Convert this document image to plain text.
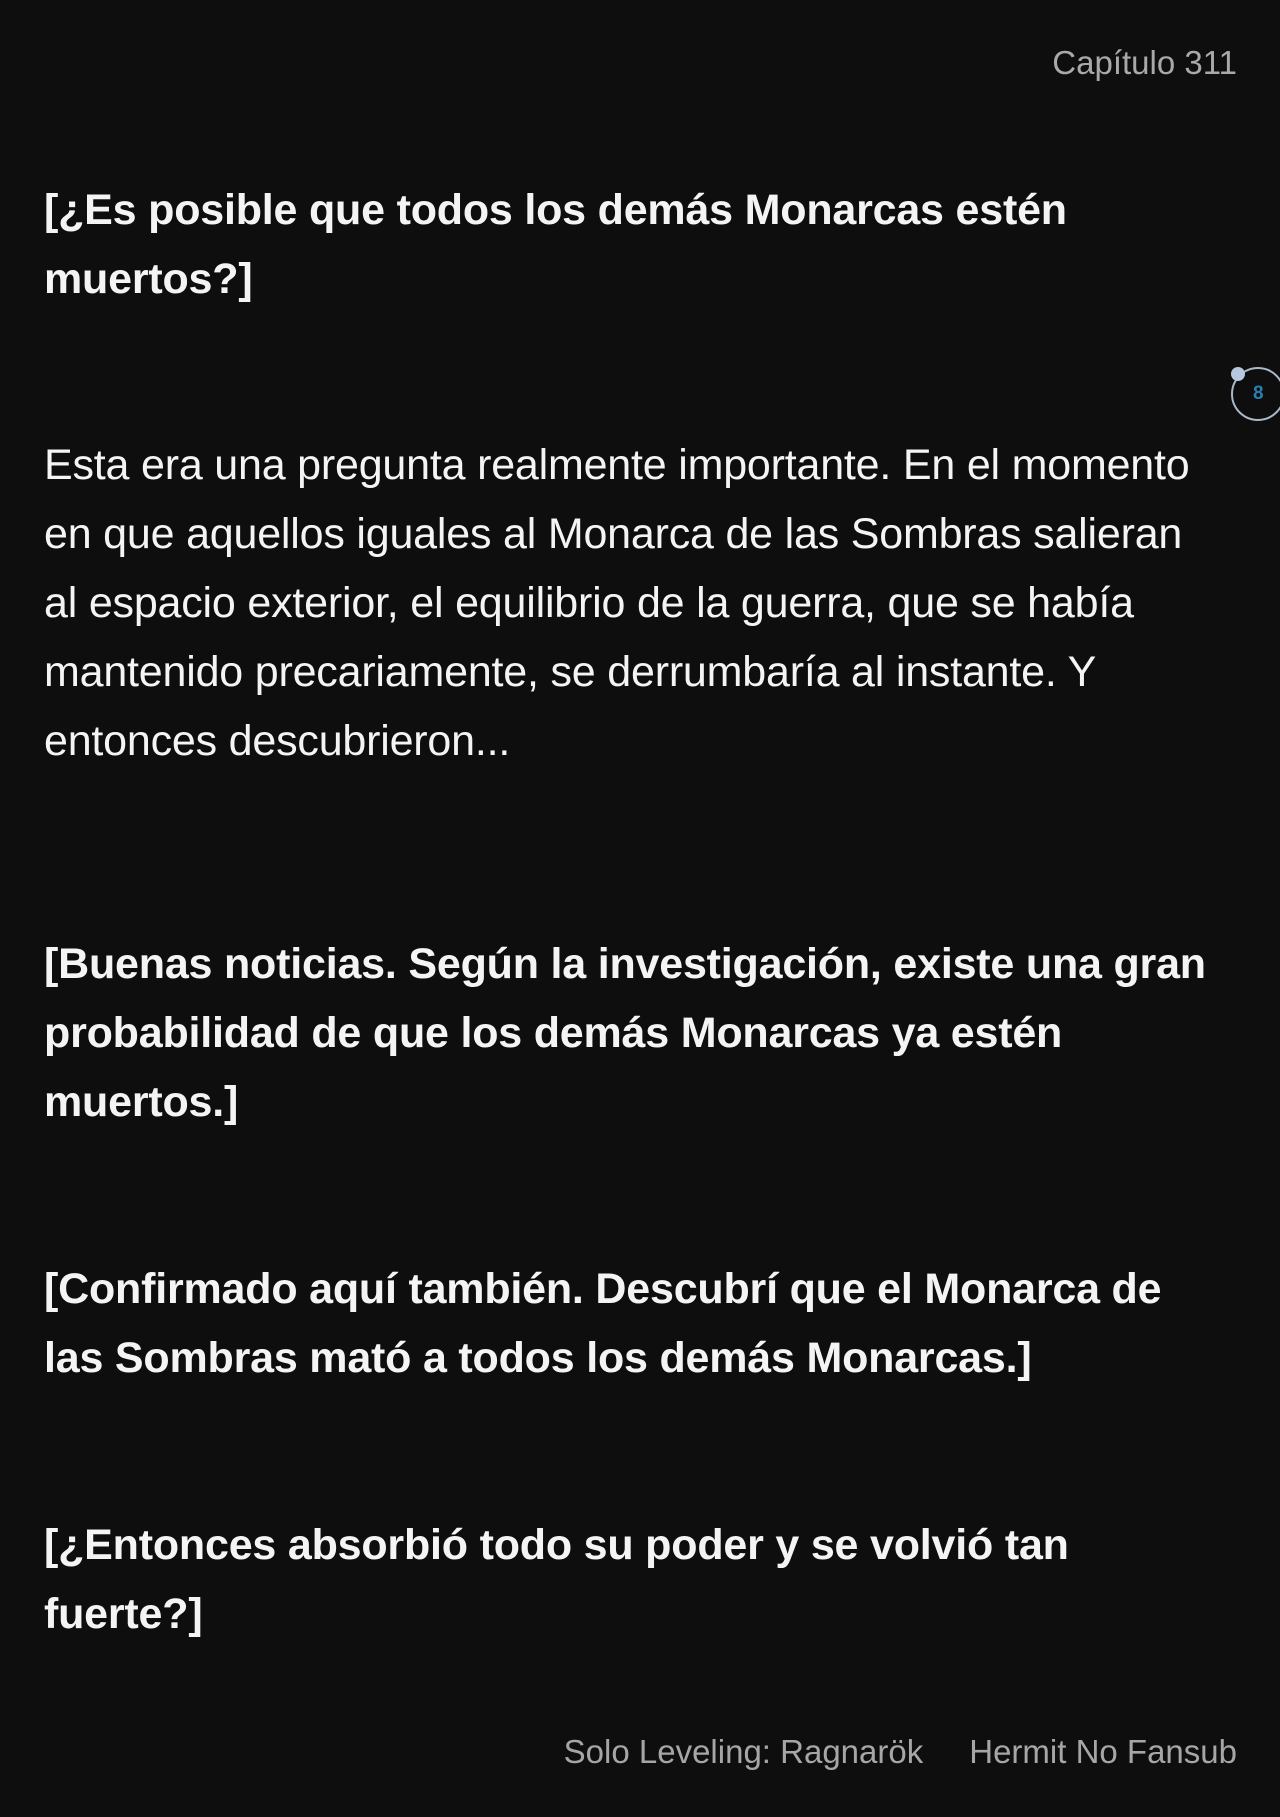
Capítulo 311
8

[¿Es posible que todos los demás Monarcas estén muertos?]

Esta era una pregunta realmente importante. En el momento en que aquellos iguales al Monarca de las Sombras salieran al espacio exterior, el equilibrio de la guerra, que se había mantenido precariamente, se derrumbaría al instante. Y entonces descubrieron...

[Buenas noticias. Según la investigación, existe una gran probabilidad de que los demás Monarcas ya estén muertos.]

[Confirmado aquí también. Descubrí que el Monarca de las Sombras mató a todos los demás Monarcas.]

[¿Entonces absorbió todo su poder y se volvió tan fuerte?]

Solo Leveling: Ragnarök Hermit No Fansub
